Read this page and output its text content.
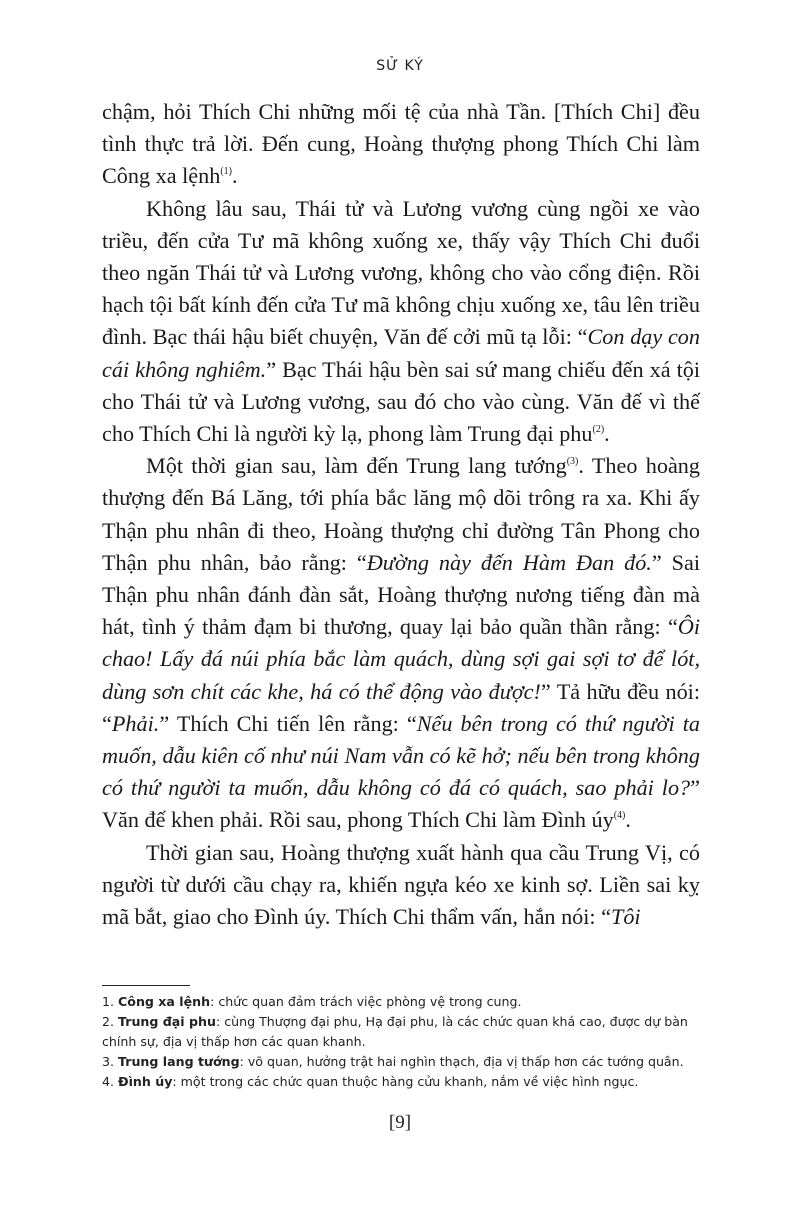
SỬ KÝ

chậm, hỏi Thích Chi những mối tệ của nhà Tần. [Thích Chi] đều tình thực trả lời. Đến cung, Hoàng thượng phong Thích Chi làm Công xa lệnh$^{(1)}$.

Không lâu sau, Thái tử và Lương vương cùng ngồi xe vào triều, đến cửa Tư mã không xuống xe, thấy vậy Thích Chi đuổi theo ngăn Thái tử và Lương vương, không cho vào cổng điện. Rồi hạch tội bất kính đến cửa Tư mã không chịu xuống xe, tâu lên triều đình. Bạc thái hậu biết chuyện, Văn đế cởi mũ tạ lỗi: “Con dạy con cái không nghiêm.” Bạc Thái hậu bèn sai sứ mang chiếu đến xá tội cho Thái tử và Lương vương, sau đó cho vào cùng. Văn đế vì thế cho Thích Chi là người kỳ lạ, phong làm Trung đại phu$^{(2)}$.

Một thời gian sau, làm đến Trung lang tướng$^{(3)}$. Theo hoàng thượng đến Bá Lăng, tới phía bắc lăng mộ dõi trông ra xa. Khi ấy Thận phu nhân đi theo, Hoàng thượng chỉ đường Tân Phong cho Thận phu nhân, bảo rằng: “Đường này đến Hàm Đan đó.” Sai Thận phu nhân đánh đàn sắt, Hoàng thượng nương tiếng đàn mà hát, tình ý thảm đạm bi thương, quay lại bảo quần thần rằng: “Ôi chao! Lấy đá núi phía bắc làm quách, dùng sợi gai sợi tơ để lót, dùng sơn chít các khe, há có thể động vào được!” Tả hữu đều nói: “Phải.” Thích Chi tiến lên rằng: “Nếu bên trong có thứ người ta muốn, dẫu kiên cố như núi Nam vẫn có kẽ hở; nếu bên trong không có thứ người ta muốn, dẫu không có đá có quách, sao phải lo?” Văn đế khen phải. Rồi sau, phong Thích Chi làm Đình úy$^{(4)}$.

Thời gian sau, Hoàng thượng xuất hành qua cầu Trung Vị, có người từ dưới cầu chạy ra, khiến ngựa kéo xe kinh sợ. Liền sai kỵ mã bắt, giao cho Đình úy. Thích Chi thẩm vấn, hắn nói: “Tôi

1. Công xa lệnh: chức quan đảm trách việc phòng vệ trong cung.

2. Trung đại phu: cùng Thượng đại phu, Hạ đại phu, là các chức quan khá cao, được dự bàn chính sự, địa vị thấp hơn các quan khanh.

3. Trung lang tướng: võ quan, hưởng trật hai nghìn thạch, địa vị thấp hơn các tướng quân.

4. Đình úy: một trong các chức quan thuộc hàng cửu khanh, nắm về việc hình ngục.

[9]
